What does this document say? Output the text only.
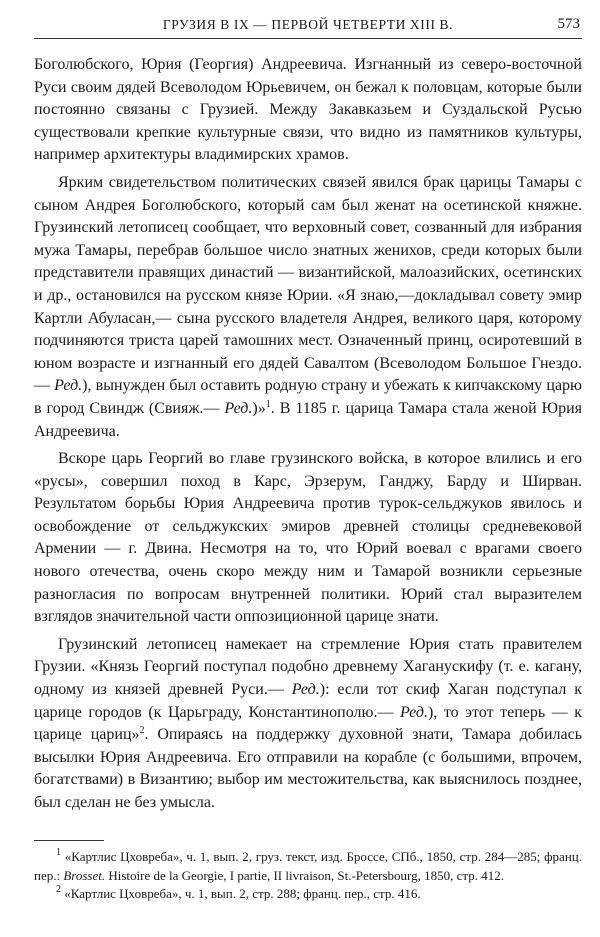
ГРУЗИЯ В IX — ПЕРВОЙ ЧЕТВЕРТИ XIII В.	573

Боголюбского, Юрия (Георгия) Андреевича. Изгнанный из северо-восточной Руси своим дядей Всеволодом Юрьевичем, он бежал к половцам, которые были постоянно связаны с Грузией. Между Закавказьем и Суздальской Русью существовали крепкие культурные связи, что видно из памятников культуры, например архитектуры владимирских храмов.

Ярким свидетельством политических связей явился брак царицы Тамары с сыном Андрея Боголюбского, который сам был женат на осетинской княжне. Грузинский летописец сообщает, что верховный совет, созванный для избрания мужа Тамары, перебрав большое число знатных женихов, среди которых были представители правящих династий — византийской, малоазийских, осетинских и др., остановился на русском князе Юрии. «Я знаю,—докладывал совету эмир Картли Абуласан,— сына русского владетеля Андрея, великого царя, которому подчиняются триста царей тамошних мест. Означенный принц, осиротевший в юном возрасте и изгнанный его дядей Савалтом (Всеволодом Большое Гнездо.— Ред.), вынужден был оставить родную страну и убежать к кипчакскому царю в город Свиндж (Свияж.— Ред.)»$^1$. В 1185 г. царица Тамара стала женой Юрия Андреевича.

Вскоре царь Георгий во главе грузинского войска, в которое влились и его «русы», совершил поход в Карс, Эрзерум, Ганджу, Барду и Ширван. Результатом борьбы Юрия Андреевича против турок-сельджуков явилось и освобождение от сельджукских эмиров древней столицы средневековой Армении — г. Двина. Несмотря на то, что Юрий воевал с врагами своего нового отечества, очень скоро между ним и Тамарой возникли серьезные разногласия по вопросам внутренней политики. Юрий стал выразителем взглядов значительной части оппозиционной царице знати.

Грузинский летописец намекает на стремление Юрия стать правителем Грузии. «Князь Георгий поступал подобно древнему Хаганускифу (т. е. кагану, одному из князей древней Руси.— Ред.): если тот скиф Хаган подступал к царице городов (к Царьграду, Константинополю.— Ред.), то этот теперь — к царице цариц»$^2$. Опираясь на поддержку духовной знати, Тамара добилась высылки Юрия Андреевича. Его отправили на корабле (с большими, впрочем, богатствами) в Византию; выбор им местожительства, как выяснилось позднее, был сделан не без умысла.

$^1$ «Картлис Цховреба», ч. 1, вып. 2, груз. текст, изд. Броссе, СПб., 1850, стр. 284—285; франц. пер.: Brosset. Histoire de la Georgie, I partie, II livraison, St.-Petersbourg, 1850, стр. 412.

$^2$ «Картлис Цховреба», ч. 1, вып. 2, стр. 288; франц. пер., стр. 416.
